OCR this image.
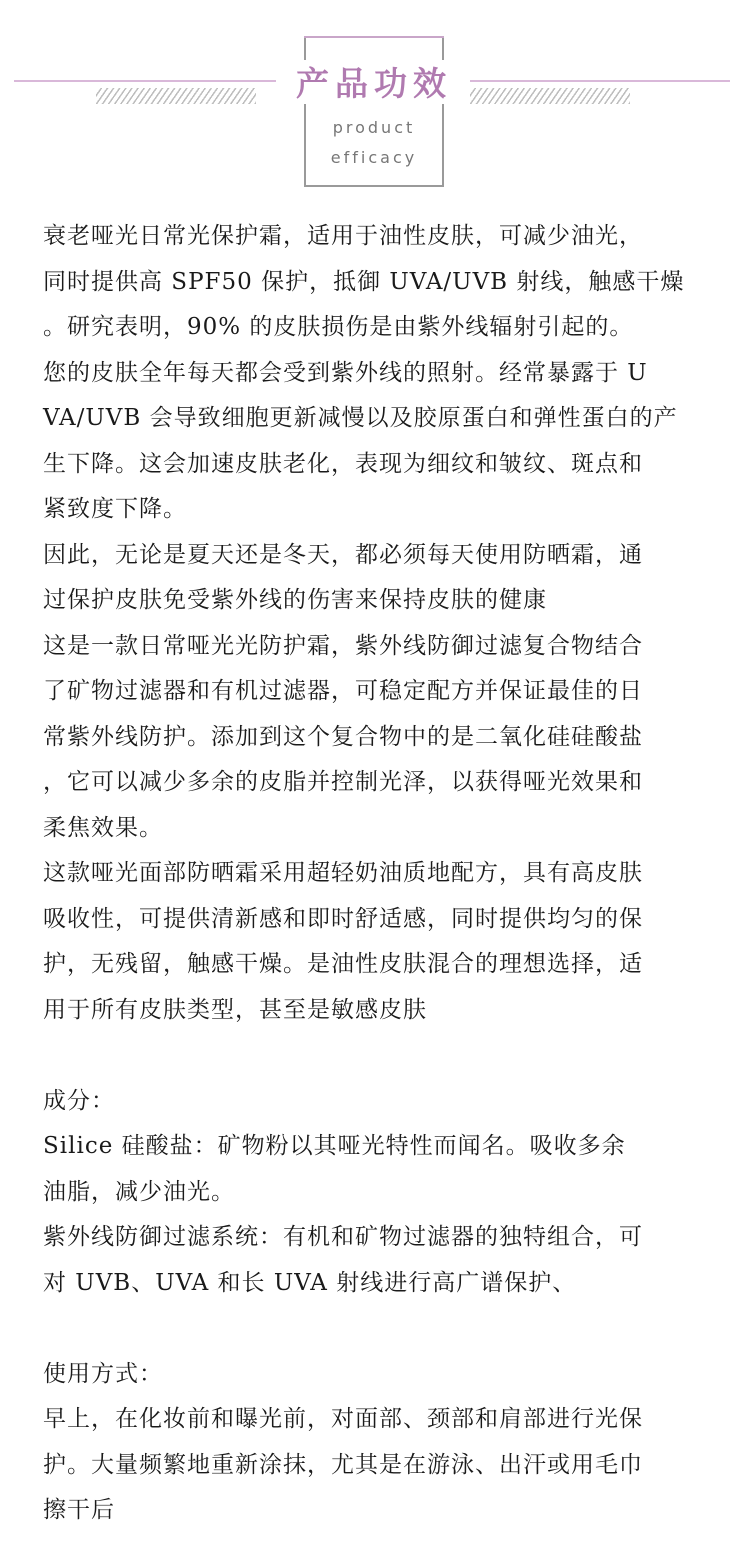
产品功效
product
efficacy

衰老哑光日常光保护霜，适用于油性皮肤，可减少油光，

同时提供高 SPF50 保护，抵御 UVA/UVB 射线，触感干燥

。研究表明，90% 的皮肤损伤是由紫外线辐射引起的。

您的皮肤全年每天都会受到紫外线的照射。经常暴露于 U

VA/UVB 会导致细胞更新减慢以及胶原蛋白和弹性蛋白的产

生下降。这会加速皮肤老化，表现为细纹和皱纹、斑点和

紧致度下降。

因此，无论是夏天还是冬天，都必须每天使用防晒霜，通

过保护皮肤免受紫外线的伤害来保持皮肤的健康

这是一款日常哑光光防护霜，紫外线防御过滤复合物结合

了矿物过滤器和有机过滤器，可稳定配方并保证最佳的日

常紫外线防护。添加到这个复合物中的是二氧化硅硅酸盐

，它可以减少多余的皮脂并控制光泽，以获得哑光效果和

柔焦效果。

这款哑光面部防晒霜采用超轻奶油质地配方，具有高皮肤

吸收性，可提供清新感和即时舒适感，同时提供均匀的保

护，无残留，触感干燥。是油性皮肤混合的理想选择，适

用于所有皮肤类型，甚至是敏感皮肤

成分：

Silice 硅酸盐：矿物粉以其哑光特性而闻名。吸收多余

油脂，减少油光。

紫外线防御过滤系统：有机和矿物过滤器的独特组合，可

对 UVB、UVA 和长 UVA 射线进行高广谱保护、

使用方式：

早上，在化妆前和曝光前，对面部、颈部和肩部进行光保

护。大量频繁地重新涂抹，尤其是在游泳、出汗或用毛巾

擦干后
